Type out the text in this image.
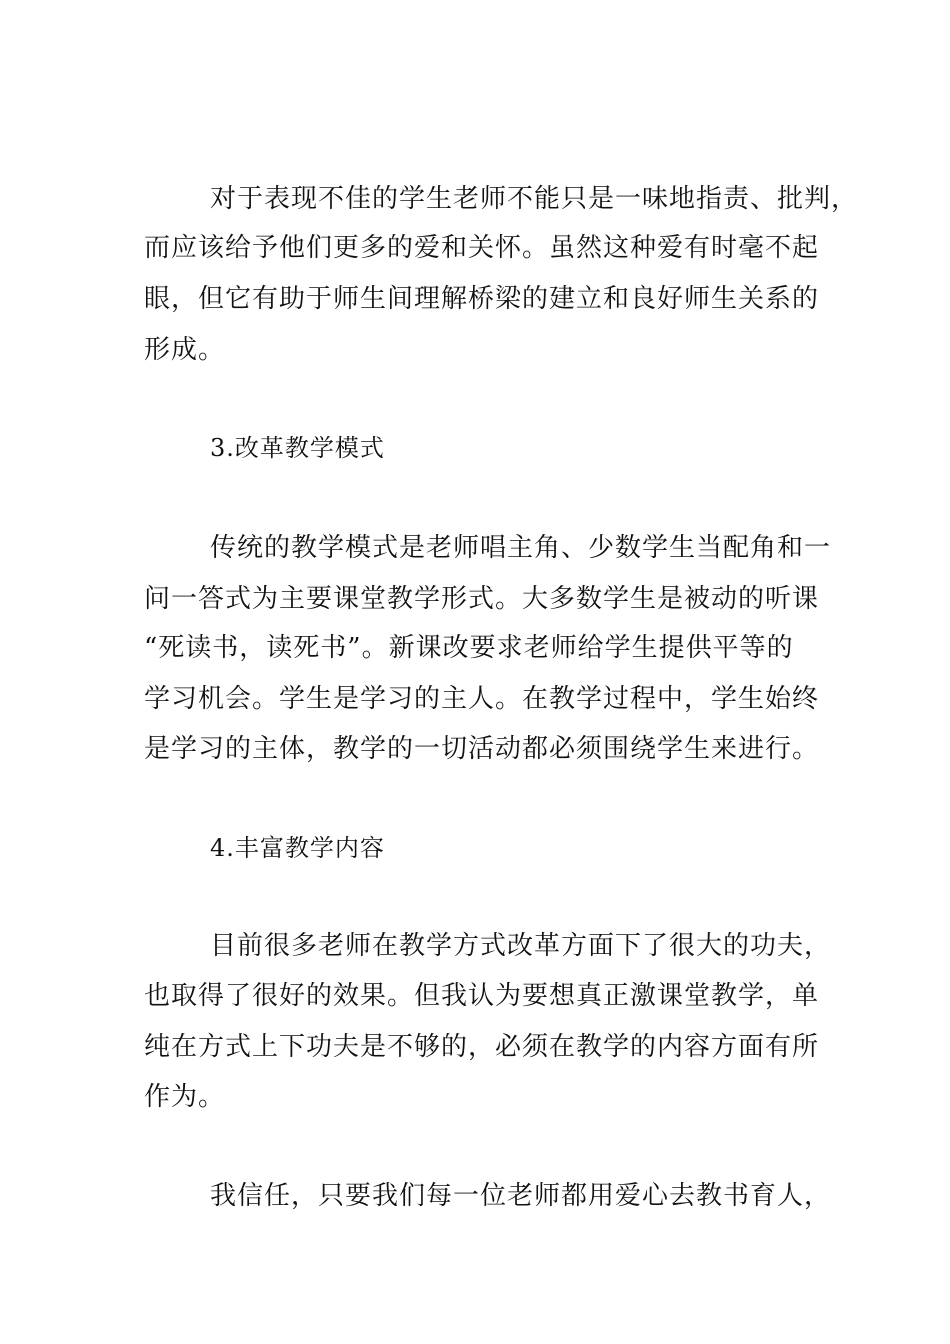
对于表现不佳的学生老师不能只是一味地指责、批判，
而应该给予他们更多的爱和关怀。虽然这种爱有时毫不起
眼，但它有助于师生间理解桥梁的建立和良好师生关系的
形成。
3.改革教学模式
传统的教学模式是老师唱主角、少数学生当配角和一
问一答式为主要课堂教学形式。大多数学生是被动的听课
“死读书，读死书”。新课改要求老师给学生提供平等的
学习机会。学生是学习的主人。在教学过程中，学生始终
是学习的主体，教学的一切活动都必须围绕学生来进行。
4.丰富教学内容
目前很多老师在教学方式改革方面下了很大的功夫，
也取得了很好的效果。但我认为要想真正激课堂教学，单
纯在方式上下功夫是不够的，必须在教学的内容方面有所
作为。
我信任，只要我们每一位老师都用爱心去教书育人，
